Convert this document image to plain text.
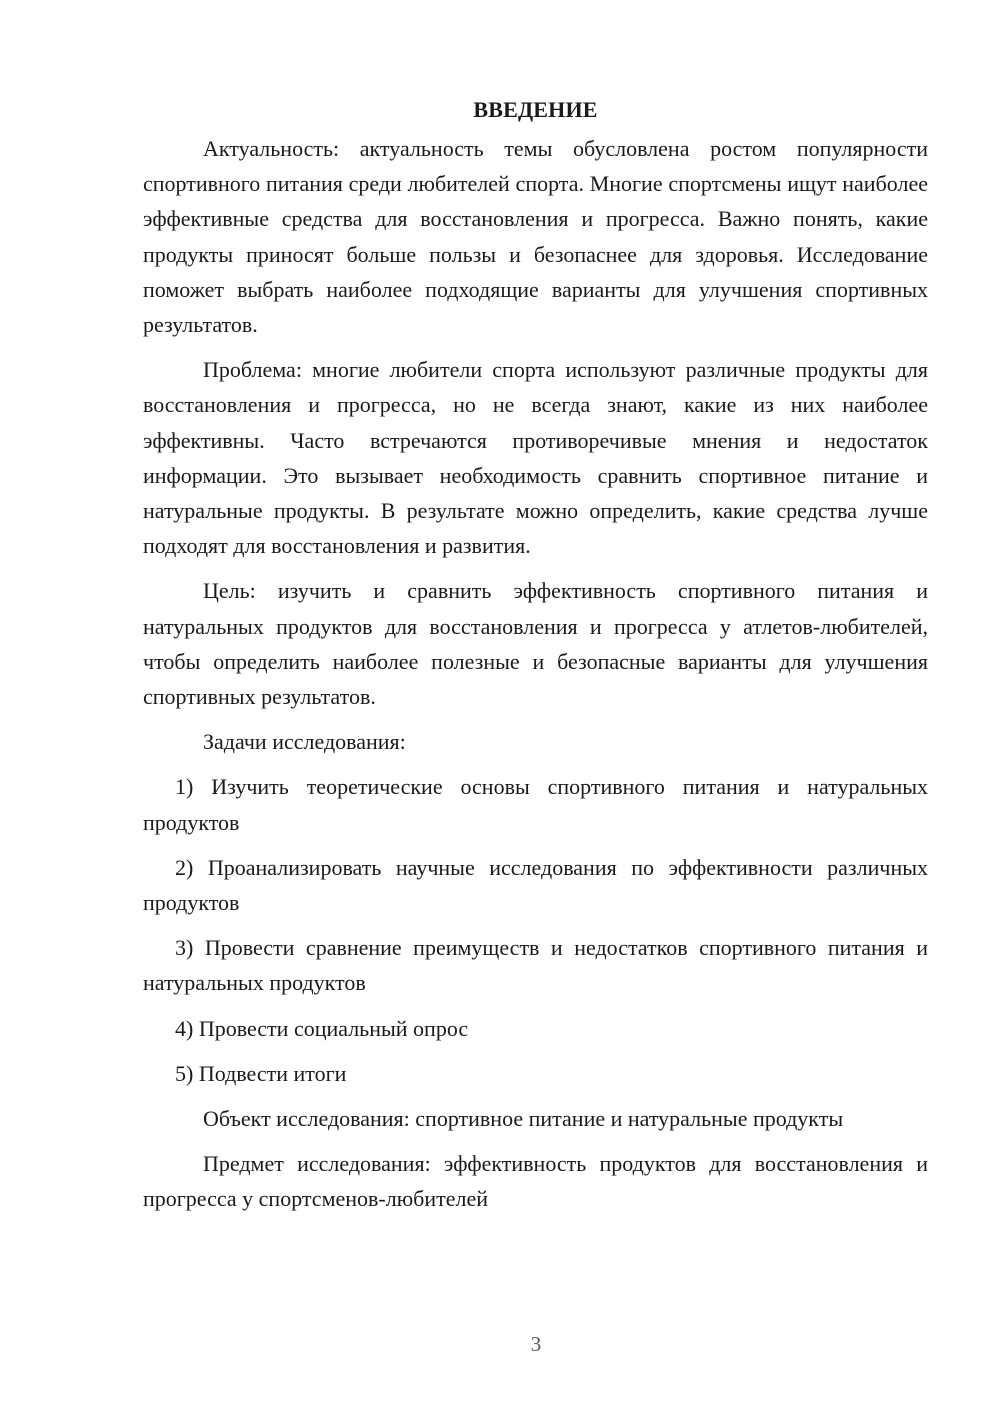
ВВЕДЕНИЕ

Актуальность: актуальность темы обусловлена ростом популярности спортивного питания среди любителей спорта. Многие спортсмены ищут наиболее эффективные средства для восстановления и прогресса. Важно понять, какие продукты приносят больше пользы и безопаснее для здоровья. Исследование поможет выбрать наиболее подходящие варианты для улучшения спортивных результатов.

Проблема: многие любители спорта используют различные продукты для восстановления и прогресса, но не всегда знают, какие из них наиболее эффективны. Часто встречаются противоречивые мнения и недостаток информации. Это вызывает необходимость сравнить спортивное питание и натуральные продукты. В результате можно определить, какие средства лучше подходят для восстановления и развития.

Цель: изучить и сравнить эффективность спортивного питания и натуральных продуктов для восстановления и прогресса у атлетов-любителей, чтобы определить наиболее полезные и безопасные варианты для улучшения спортивных результатов.

Задачи исследования:

1) Изучить теоретические основы спортивного питания и натуральных продуктов

2) Проанализировать научные исследования по эффективности различных продуктов

3) Провести сравнение преимуществ и недостатков спортивного питания и натуральных продуктов

4) Провести социальный опрос

5) Подвести итоги

Объект исследования: спортивное питание и натуральные продукты

Предмет исследования: эффективность продуктов для восстановления и прогресса у спортсменов-любителей

3
